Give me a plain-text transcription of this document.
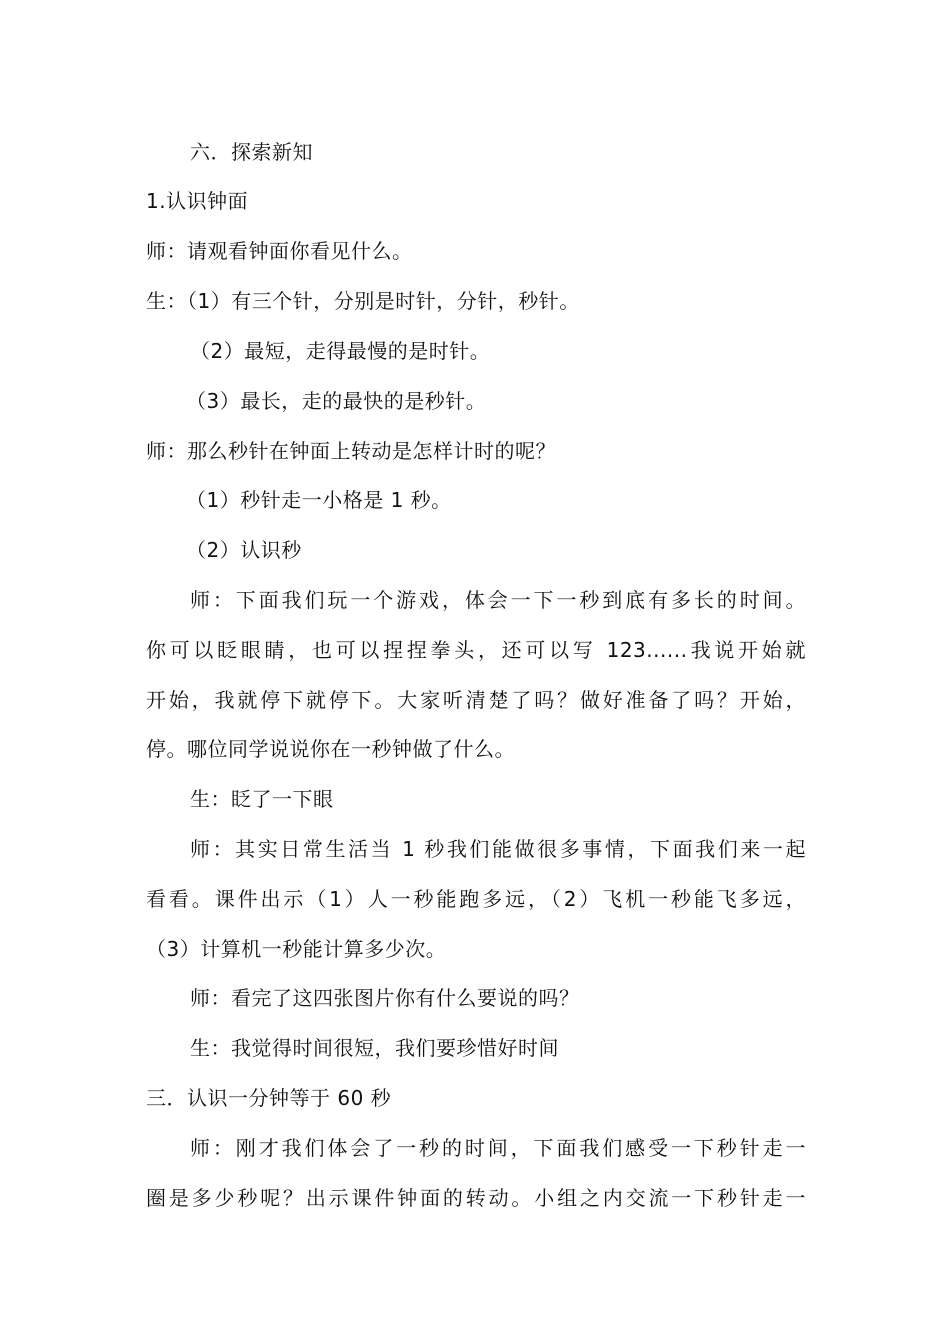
六．探索新知
1.认识钟面
师：请观看钟面你看见什么。
生：（1）有三个针，分别是时针，分针，秒针。
（2）最短，走得最慢的是时针。
（3）最长，走的最快的是秒针。
师：那么秒针在钟面上转动是怎样计时的呢？
（1）秒针走一小格是 1 秒。
（2）认识秒
师：下面我们玩一个游戏，体会一下一秒到底有多长的时间。
你可以眨眼睛，也可以捏捏拳头，还可以写 123......我说开始就
开始，我就停下就停下。大家听清楚了吗？做好准备了吗？开始，
停。哪位同学说说你在一秒钟做了什么。
生：眨了一下眼
师：其实日常生活当 1 秒我们能做很多事情，下面我们来一起
看看。课件出示（1）人一秒能跑多远，（2）飞机一秒能飞多远，
（3）计算机一秒能计算多少次。
师：看完了这四张图片你有什么要说的吗？
生：我觉得时间很短，我们要珍惜好时间
三．认识一分钟等于 60 秒
师：刚才我们体会了一秒的时间，下面我们感受一下秒针走一
圈是多少秒呢？出示课件钟面的转动。小组之内交流一下秒针走一
